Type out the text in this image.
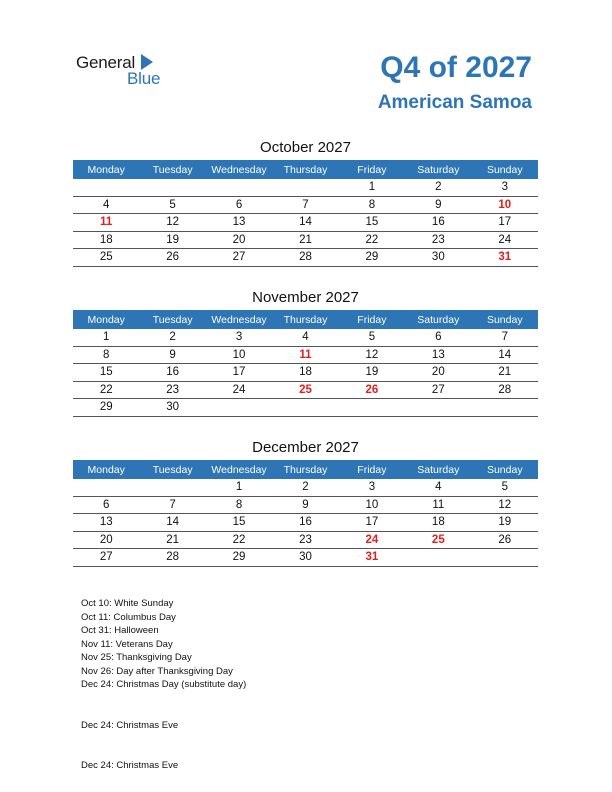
General
Blue	Q4 of 2027
American Samoa
October 2027
Monday	Tuesday	Wednesday	Thursday	Friday	Saturday	Sunday
				1	2	3
4	5	6	7	8	9	10
11	12	13	14	15	16	17
18	19	20	21	22	23	24
25	26	27	28	29	30	31
November 2027
Monday	Tuesday	Wednesday	Thursday	Friday	Saturday	Sunday
1	2	3	4	5	6	7
8	9	10	11	12	13	14
15	16	17	18	19	20	21
22	23	24	25	26	27	28
29	30					
December 2027
Monday	Tuesday	Wednesday	Thursday	Friday	Saturday	Sunday
		1	2	3	4	5
6	7	8	9	10	11	12
13	14	15	16	17	18	19
20	21	22	23	24	25	26
27	28	29	30	31		
Oct 10: White Sunday
Oct 11: Columbus Day
Oct 31: Halloween
Nov 11: Veterans Day
Nov 25: Thanksgiving Day
Nov 26: Day after Thanksgiving Day
Dec 24: Christmas Day (substitute day)
Dec 24: Christmas Eve
Dec 24: Christmas Eve
